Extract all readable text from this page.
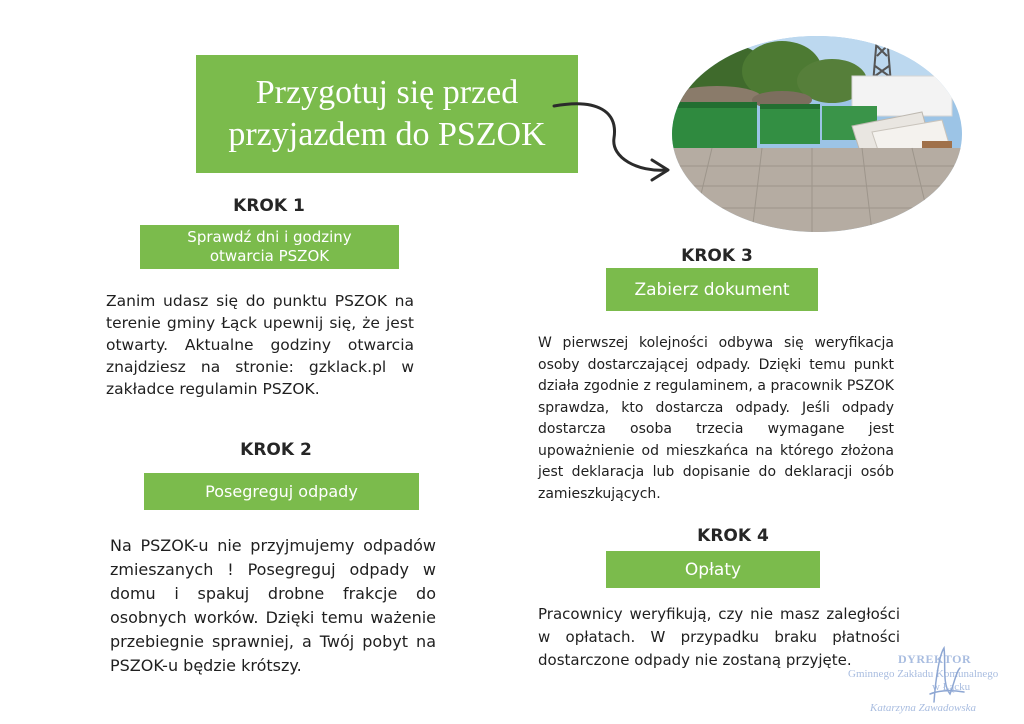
Przygotuj się przed
przyjazdem do PSZOK
KROK 1
Sprawdź dni i godziny
otwarcia PSZOK
Zanim udasz się do punktu PSZOK na terenie gminy Łąck upewnij się, że jest otwarty. Aktualne godziny otwarcia znajdziesz na stronie: gzklack.pl w zakładce regulamin PSZOK.
KROK 2
Posegreguj odpady
Na PSZOK-u nie przyjmujemy odpadów zmieszanych ! Posegreguj odpady w domu i spakuj drobne frakcje do osobnych worków. Dzięki temu ważenie przebiegnie sprawniej, a Twój pobyt na PSZOK-u będzie krótszy.
KROK 3
Zabierz dokument
W pierwszej kolejności odbywa się weryfikacja osoby dostarczającej odpady. Dzięki temu punkt działa zgodnie z regulaminem, a pracownik PSZOK sprawdza, kto dostarcza odpady. Jeśli odpady dostarcza osoba trzecia wymagane jest upoważnienie od mieszkańca na którego złożona jest deklaracja lub dopisanie do deklaracji osób zamieszkujących.
KROK 4
Opłaty
Pracownicy weryfikują, czy nie masz zaległości w opłatach. W przypadku braku płatności dostarczone odpady nie zostaną przyjęte.	DYREKTOR
Gminnego Zakładu Komunalnego
w Łącku
Katarzyna Zawadowska
